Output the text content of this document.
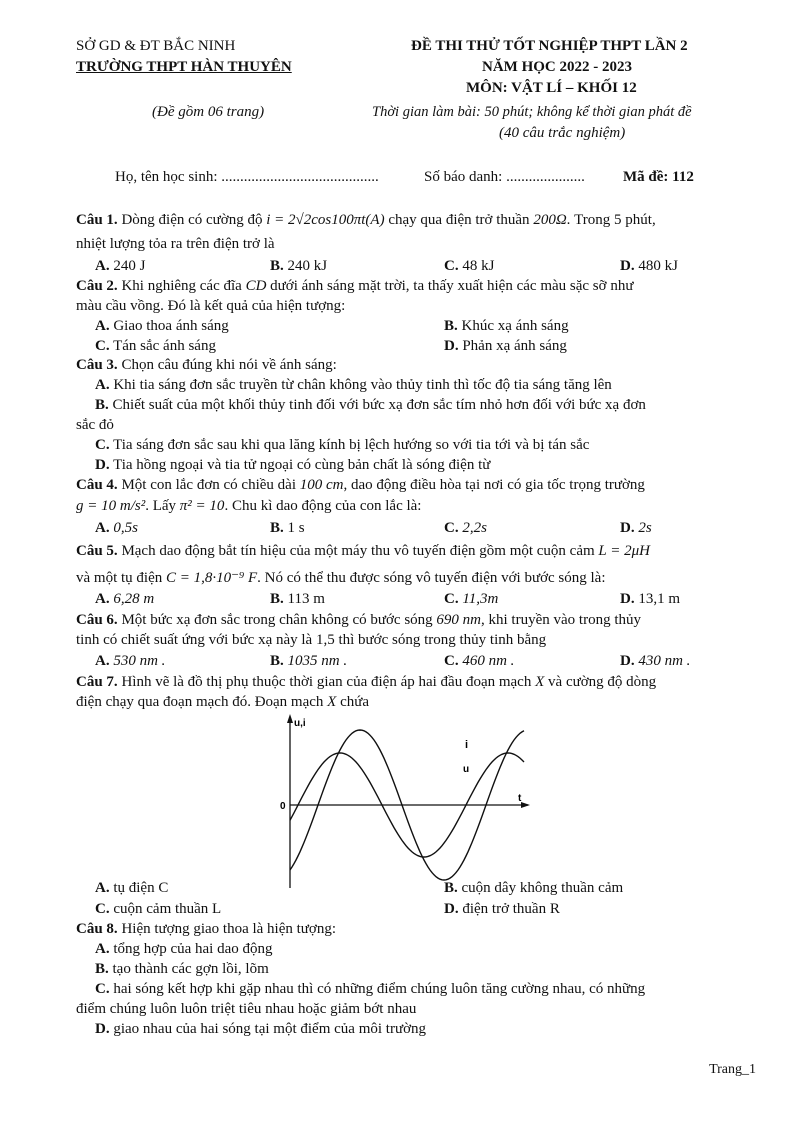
SỞ GD & ĐT BẮC NINH
TRƯỜNG THPT HÀN THUYÊN
(Đề gồm 06 trang)
ĐỀ THI THỬ TỐT NGHIỆP THPT LẦN 2
NĂM HỌC 2022 - 2023
MÔN: VẬT LÍ – KHỐI 12
Thời gian làm bài: 50 phút; không kể thời gian phát đề
(40 câu trắc nghiệm)
Họ, tên học sinh: ..........................................	Số báo danh: .....................	Mã đề: 112
Câu 1. Dòng điện có cường độ i = 2√2cos100πt(A) chạy qua điện trở thuần 200Ω. Trong 5 phút,
nhiệt lượng tỏa ra trên điện trở là
A. 240 J	B. 240 kJ	C. 48 kJ	D. 480 kJ
Câu 2. Khi nghiêng các đĩa CD dưới ánh sáng mặt trời, ta thấy xuất hiện các màu sặc sỡ như
màu cầu vồng. Đó là kết quả của hiện tượng:
A. Giao thoa ánh sáng	B. Khúc xạ ánh sáng
C. Tán sắc ánh sáng	D. Phản xạ ánh sáng
Câu 3. Chọn câu đúng khi nói về ánh sáng:
A. Khi tia sáng đơn sắc truyền từ chân không vào thủy tinh thì tốc độ tia sáng tăng lên
B. Chiết suất của một khối thủy tinh đối với bức xạ đơn sắc tím nhỏ hơn đối với bức xạ đơn
sắc đỏ
C. Tia sáng đơn sắc sau khi qua lăng kính bị lệch hướng so với tia tới và bị tán sắc
D. Tia hồng ngoại và tia tử ngoại có cùng bản chất là sóng điện từ
Câu 4. Một con lắc đơn có chiều dài 100 cm, dao động điều hòa tại nơi có gia tốc trọng trường
g = 10 m/s². Lấy π² = 10. Chu kì dao động của con lắc là:
A. 0,5s	B. 1 s	C. 2,2s	D. 2s
Câu 5. Mạch dao động bắt tín hiệu của một máy thu vô tuyến điện gồm một cuộn cảm L = 2μH
và một tụ điện C = 1,8·10⁻⁹ F. Nó có thể thu được sóng vô tuyến điện với bước sóng là:
A. 6,28 m	B. 113 m	C. 11,3m	D. 13,1 m
Câu 6. Một bức xạ đơn sắc trong chân không có bước sóng 690 nm, khi truyền vào trong thủy
tinh có chiết suất ứng với bức xạ này là 1,5 thì bước sóng trong thủy tinh bằng
A. 530 nm .	B. 1035 nm .	C. 460 nm .	D. 430 nm .
Câu 7. Hình vẽ là đồ thị phụ thuộc thời gian của điện áp hai đầu đoạn mạch X và cường độ dòng
điện chạy qua đoạn mạch đó. Đoạn mạch X chứa
u,i
t
0
i
u
A. tụ điện C	B. cuộn dây không thuần cảm
C. cuộn cảm thuần L	D. điện trở thuần R
Câu 8. Hiện tượng giao thoa là hiện tượng:
A. tổng hợp của hai dao động
B. tạo thành các gợn lồi, lõm
C. hai sóng kết hợp khi gặp nhau thì có những điểm chúng luôn tăng cường nhau, có những
điểm chúng luôn luôn triệt tiêu nhau hoặc giảm bớt nhau
D. giao nhau của hai sóng tại một điểm của môi trường
Trang_1
